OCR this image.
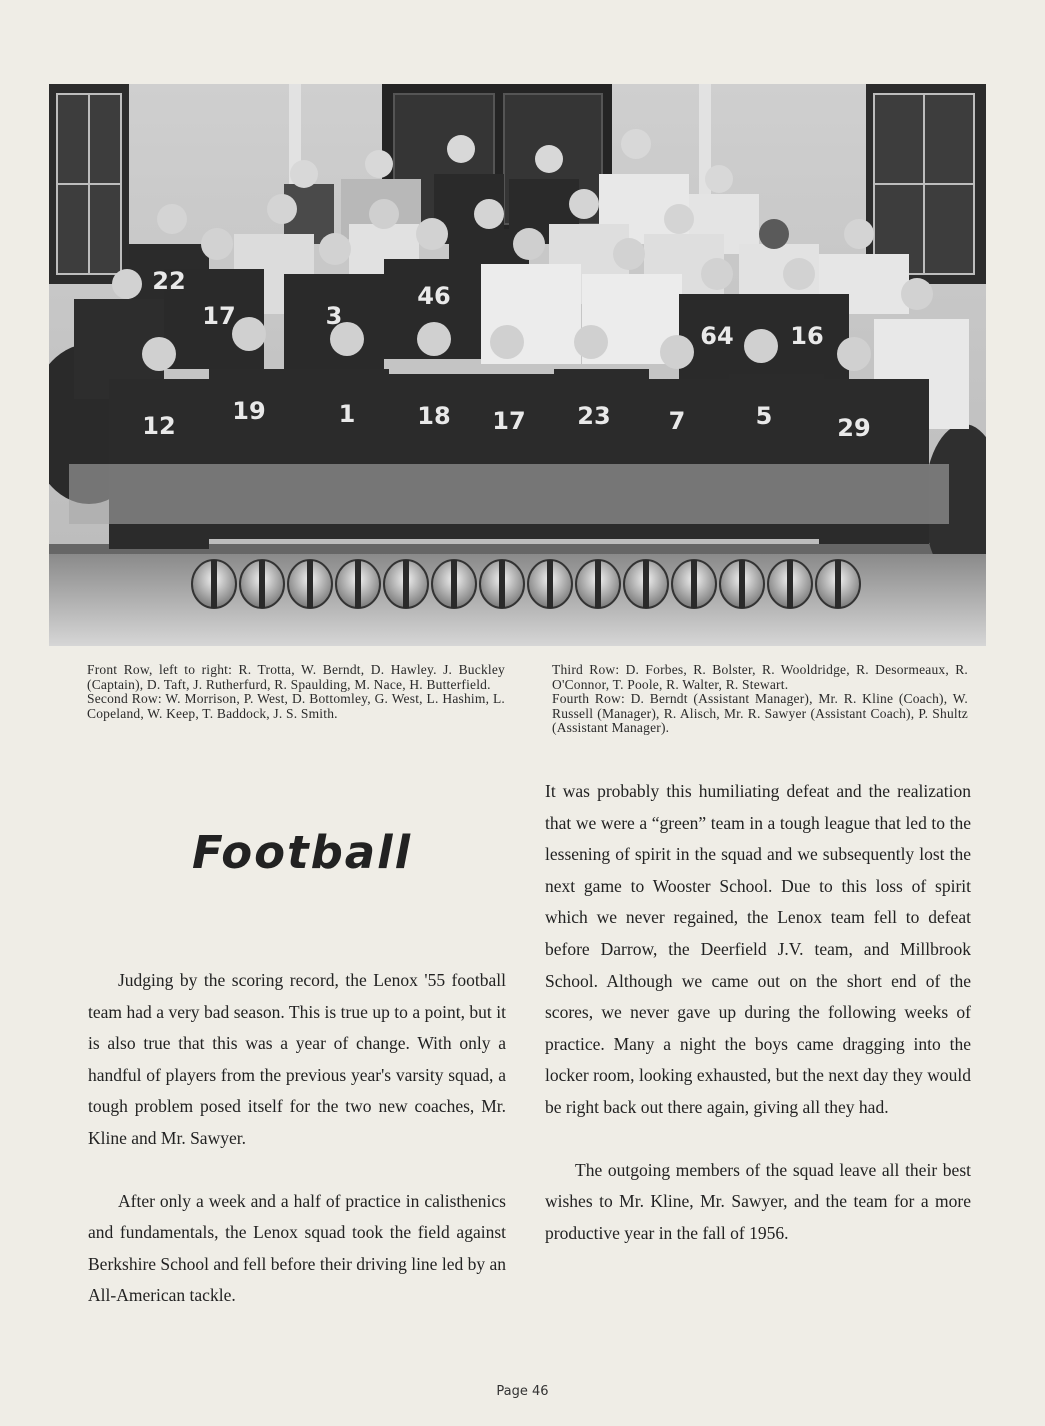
12
19	1	18 17 23 7	5	29
17	3
46
64 16
22

Front Row, left to right: R. Trotta, W. Berndt, D. Hawley. J. Buckley (Captain), D. Taft, J. Rutherfurd, R. Spaulding, M. Nace, H. Butterfield.

Second Row: W. Morrison, P. West, D. Bottomley, G. West, L. Hashim, L. Copeland, W. Keep, T. Baddock, J. S. Smith.

Third Row: D. Forbes, R. Bolster, R. Wooldridge, R. Desormeaux, R. O'Connor, T. Poole, R. Walter, R. Stewart.

Fourth Row: D. Berndt (Assistant Manager), Mr. R. Kline (Coach), W. Russell (Manager), R. Alisch, Mr. R. Sawyer (Assistant Coach), P. Shultz (Assistant Manager).

Football

Judging by the scoring record, the Lenox '55 football team had a very bad season. This is true up to a point, but it is also true that this was a year of change. With only a handful of players from the previous year's varsity squad, a tough problem posed itself for the two new coaches, Mr. Kline and Mr. Sawyer.

After only a week and a half of practice in calisthenics and fundamentals, the Lenox squad took the field against Berkshire School and fell before their driving line led by an All-American tackle.

It was probably this humiliating defeat and the realization that we were a “green” team in a tough league that led to the lessening of spirit in the squad and we subsequently lost the next game to Wooster School. Due to this loss of spirit which we never regained, the Lenox team fell to defeat before Darrow, the Deerfield J.V. team, and Millbrook School. Although we came out on the short end of the scores, we never gave up during the following weeks of practice. Many a night the boys came dragging into the locker room, looking exhausted, but the next day they would be right back out there again, giving all they had.

The outgoing members of the squad leave all their best wishes to Mr. Kline, Mr. Sawyer, and the team for a more productive year in the fall of 1956.

Page 46
